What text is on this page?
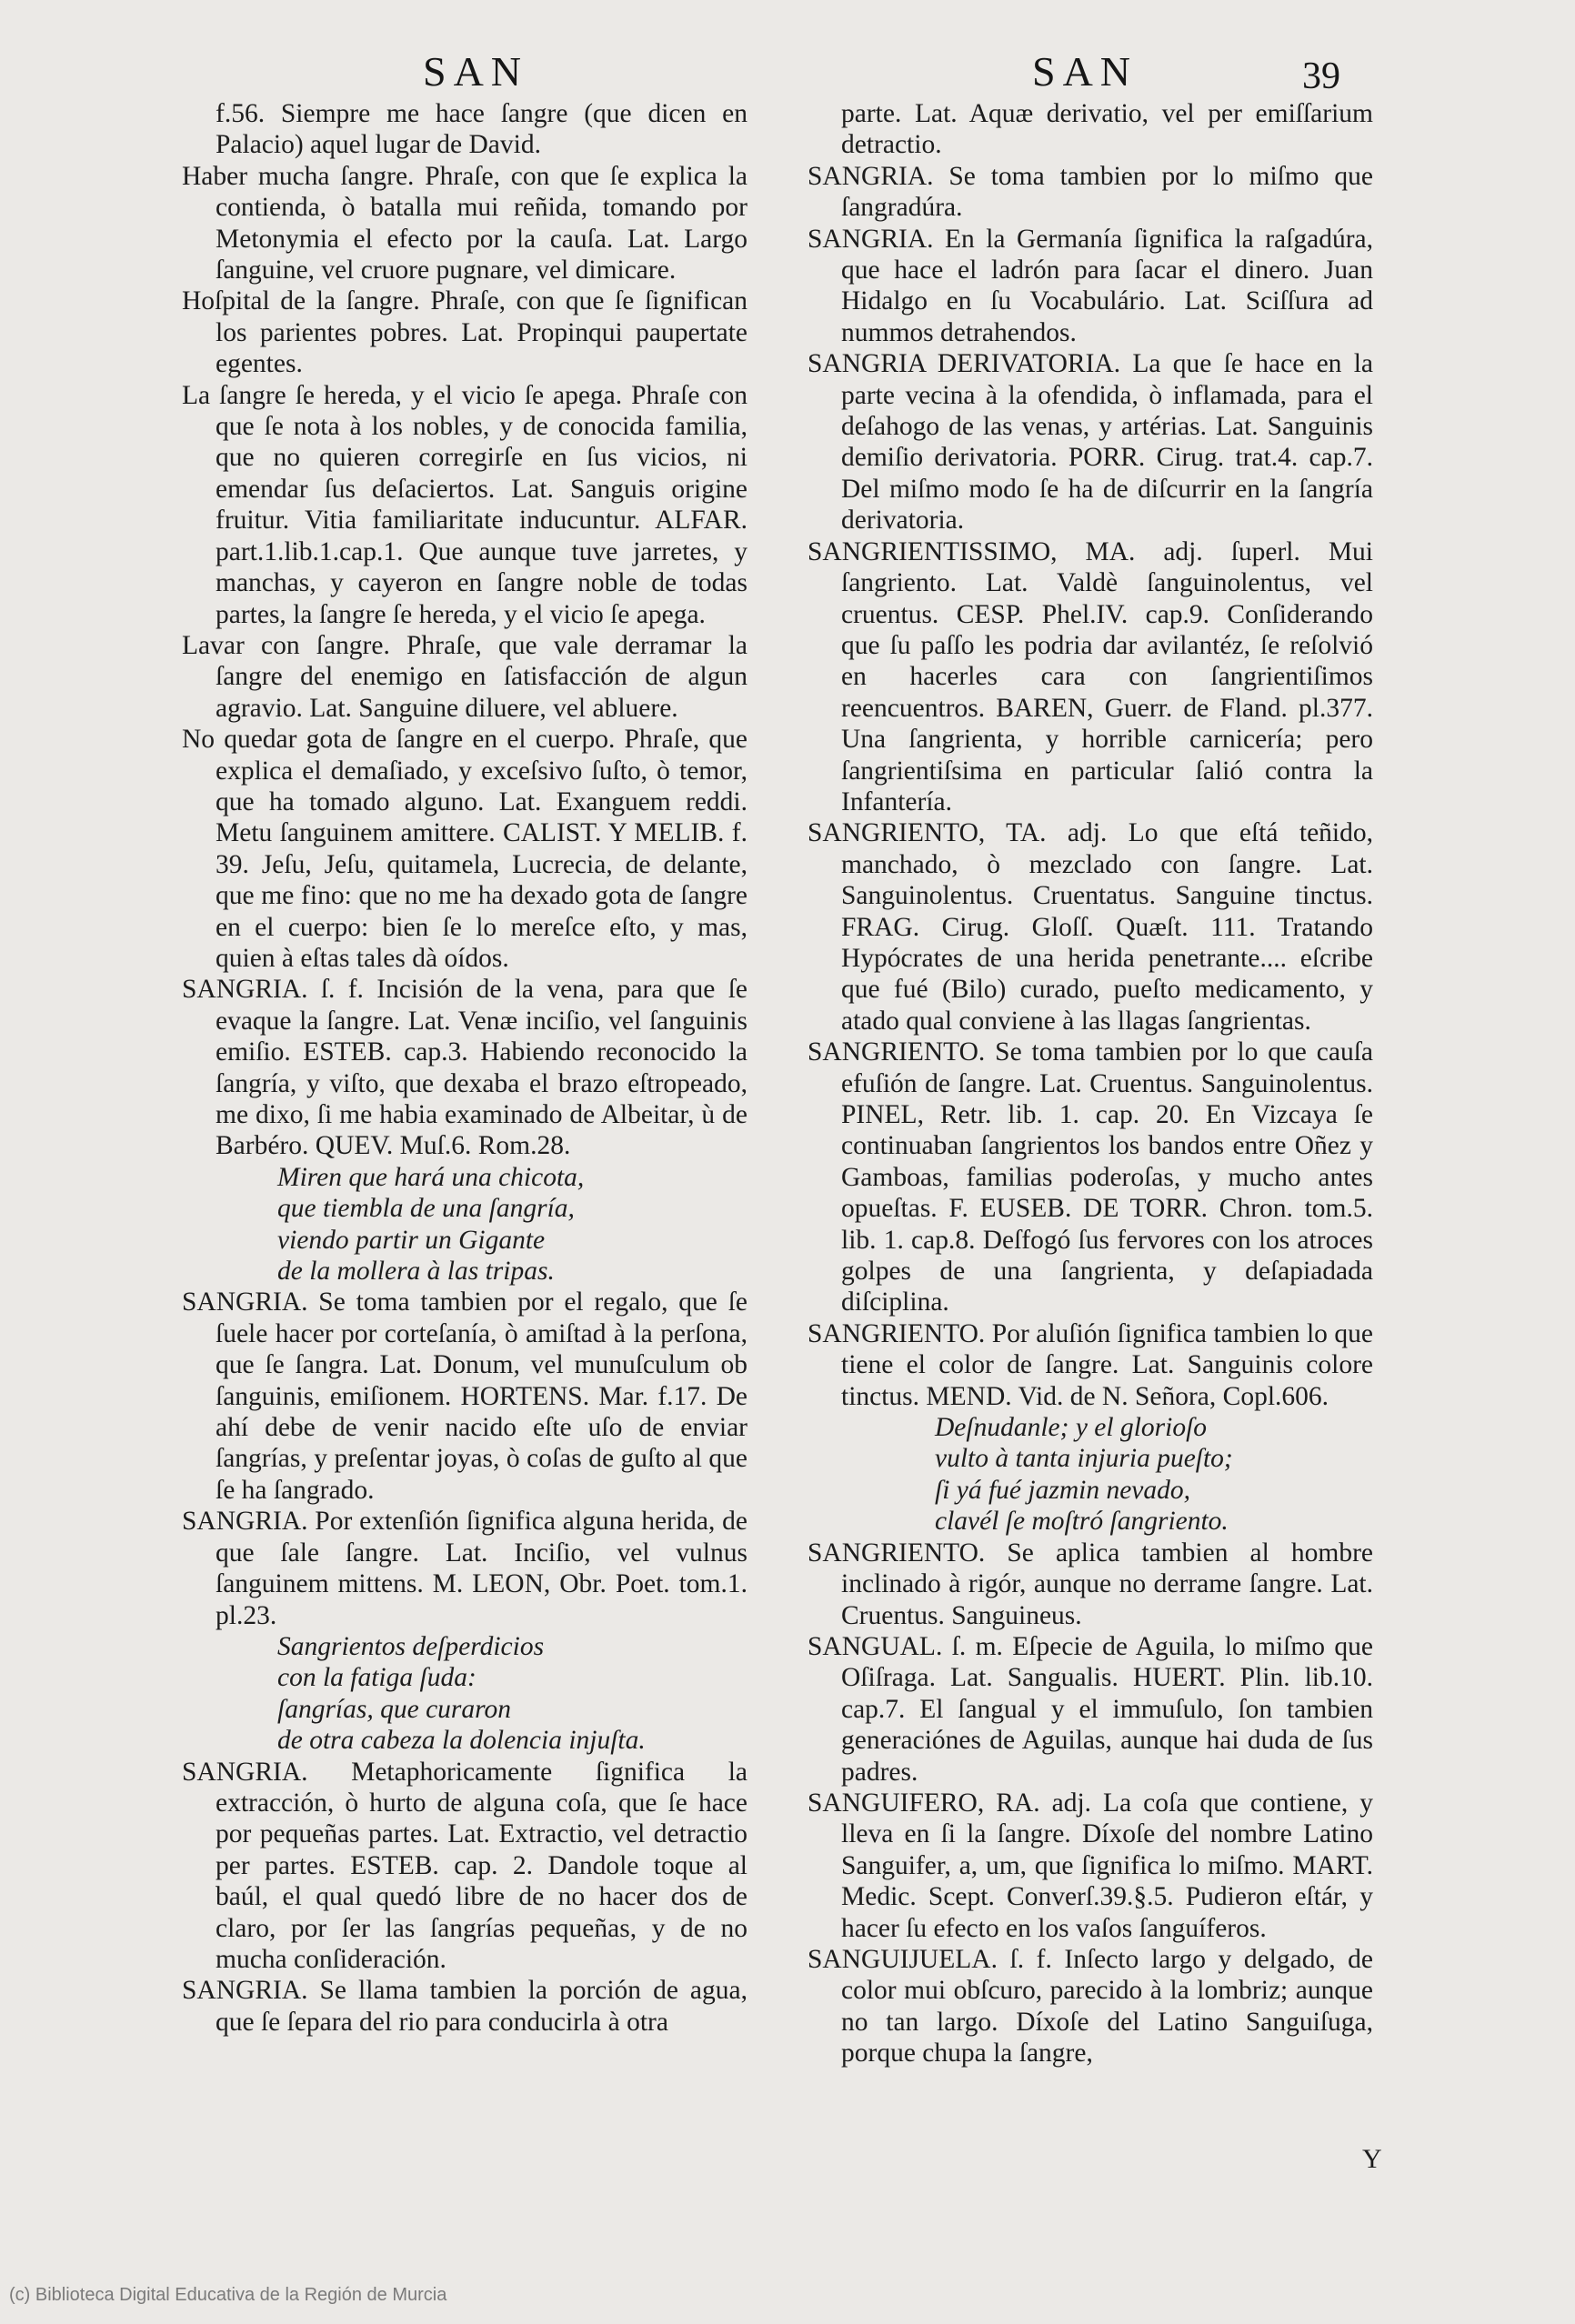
SAN	SAN	39

f.56. Siempre me hace ſangre (que dicen en Palacio) aquel lugar de David.

Haber mucha ſangre. Phraſe, con que ſe explica la contienda, ò batalla mui reñida, tomando por Metonymia el efecto por la cauſa. Lat. Largo ſanguine, vel cruore pugnare, vel dimicare.

Hoſpital de la ſangre. Phraſe, con que ſe ſignifican los parientes pobres. Lat. Propinqui paupertate egentes.

La ſangre ſe hereda, y el vicio ſe apega. Phraſe con que ſe nota à los nobles, y de conocida familia, que no quieren corregirſe en ſus vicios, ni emendar ſus deſaciertos. Lat. Sanguis origine fruitur. Vitia familiaritate inducuntur. ALFAR. part.1.lib.1.cap.1. Que aunque tuve jarretes, y manchas, y cayeron en ſangre noble de todas partes, la ſangre ſe hereda, y el vicio ſe apega.

Lavar con ſangre. Phraſe, que vale derramar la ſangre del enemigo en ſatisfacción de algun agravio. Lat. Sanguine diluere, vel abluere.

No quedar gota de ſangre en el cuerpo. Phraſe, que explica el demaſiado, y exceſsivo ſuſto, ò temor, que ha tomado alguno. Lat. Exanguem reddi. Metu ſanguinem amittere. CALIST. Y MELIB. f. 39. Jeſu, Jeſu, quitamela, Lucrecia, de delante, que me fino: que no me ha dexado gota de ſangre en el cuerpo: bien ſe lo mereſce eſto, y mas, quien à eſtas tales dà oídos.

SANGRIA. ſ. f. Incisión de la vena, para que ſe evaque la ſangre. Lat. Venæ inciſio, vel ſanguinis emiſio. ESTEB. cap.3. Habiendo reconocido la ſangría, y viſto, que dexaba el brazo eſtropeado, me dixo, ſi me habia examinado de Albeitar, ù de Barbéro. QUEV. Muſ.6. Rom.28.

Miren que hará una chicota,
que tiembla de una ſangría,
viendo partir un Gigante
de la mollera à las tripas.

SANGRIA. Se toma tambien por el regalo, que ſe ſuele hacer por corteſanía, ò amiſtad à la perſona, que ſe ſangra. Lat. Donum, vel munuſculum ob ſanguinis, emiſionem. HORTENS. Mar. f.17. De ahí debe de venir nacido eſte uſo de enviar ſangrías, y preſentar joyas, ò coſas de guſto al que ſe ha ſangrado.

SANGRIA. Por extenſión ſignifica alguna herida, de que ſale ſangre. Lat. Inciſio, vel vulnus ſanguinem mittens. M. LEON, Obr. Poet. tom.1. pl.23.

Sangrientos deſperdicios
con la fatiga ſuda:
ſangrías, que curaron
de otra cabeza la dolencia injuſta.

SANGRIA. Metaphoricamente ſignifica la extracción, ò hurto de alguna coſa, que ſe hace por pequeñas partes. Lat. Extractio, vel detractio per partes. ESTEB. cap. 2. Dandole toque al baúl, el qual quedó libre de no hacer dos de claro, por ſer las ſangrías pequeñas, y de no mucha conſideración.

SANGRIA. Se llama tambien la porción de agua, que ſe ſepara del rio para conducirla à otra

parte. Lat. Aquæ derivatio, vel per emiſſarium detractio.

SANGRIA. Se toma tambien por lo miſmo que ſangradúra.

SANGRIA. En la Germanía ſignifica la raſgadúra, que hace el ladrón para ſacar el dinero. Juan Hidalgo en ſu Vocabulário. Lat. Sciſſura ad nummos detrahendos.

SANGRIA DERIVATORIA. La que ſe hace en la parte vecina à la ofendida, ò inflamada, para el deſahogo de las venas, y artérias. Lat. Sanguinis demiſio derivatoria. PORR. Cirug. trat.4. cap.7. Del miſmo modo ſe ha de diſcurrir en la ſangría derivatoria.

SANGRIENTISSIMO, MA. adj. ſuperl. Mui ſangriento. Lat. Valdè ſanguinolentus, vel cruentus. CESP. Phel.IV. cap.9. Conſiderando que ſu paſſo les podria dar avilantéz, ſe reſolvió en hacerles cara con ſangrientiſimos reencuentros. BAREN, Guerr. de Fland. pl.377. Una ſangrienta, y horrible carnicería; pero ſangrientiſsima en particular ſalió contra la Infantería.

SANGRIENTO, TA. adj. Lo que eſtá teñido, manchado, ò mezclado con ſangre. Lat. Sanguinolentus. Cruentatus. Sanguine tinctus. FRAG. Cirug. Gloſſ. Quæſt. 111. Tratando Hypócrates de una herida penetrante.... eſcribe que fué (Bilo) curado, pueſto medicamento, y atado qual conviene à las llagas ſangrientas.

SANGRIENTO. Se toma tambien por lo que cauſa efuſión de ſangre. Lat. Cruentus. Sanguinolentus. PINEL, Retr. lib. 1. cap. 20. En Vizcaya ſe continuaban ſangrientos los bandos entre Oñez y Gamboas, familias poderoſas, y mucho antes opueſtas. F. EUSEB. DE TORR. Chron. tom.5. lib. 1. cap.8. Deſfogó ſus fervores con los atroces golpes de una ſangrienta, y deſapiadada diſciplina.

SANGRIENTO. Por aluſión ſignifica tambien lo que tiene el color de ſangre. Lat. Sanguinis colore tinctus. MEND. Vid. de N. Señora, Copl.606.

Deſnudanle; y el glorioſo
vulto à tanta injuria pueſto;
ſi yá fué jazmin nevado,
clavél ſe moſtró ſangriento.

SANGRIENTO. Se aplica tambien al hombre inclinado à rigór, aunque no derrame ſangre. Lat. Cruentus. Sanguineus.

SANGUAL. ſ. m. Eſpecie de Aguila, lo miſmo que Oſiſraga. Lat. Sangualis. HUERT. Plin. lib.10. cap.7. El ſangual y el immuſulo, ſon tambien generaciónes de Aguilas, aunque hai duda de ſus padres.

SANGUIFERO, RA. adj. La coſa que contiene, y lleva en ſi la ſangre. Díxoſe del nombre Latino Sanguifer, a, um, que ſignifica lo miſmo. MART. Medic. Scept. Converſ.39.§.5. Pudieron eſtár, y hacer ſu efecto en los vaſos ſanguíferos.

SANGUIJUELA. ſ. f. Inſecto largo y delgado, de color mui obſcuro, parecido à la lombriz; aunque no tan largo. Díxoſe del Latino Sanguiſuga, porque chupa la ſangre,

Y
(c) Biblioteca Digital Educativa de la Región de Murcia
